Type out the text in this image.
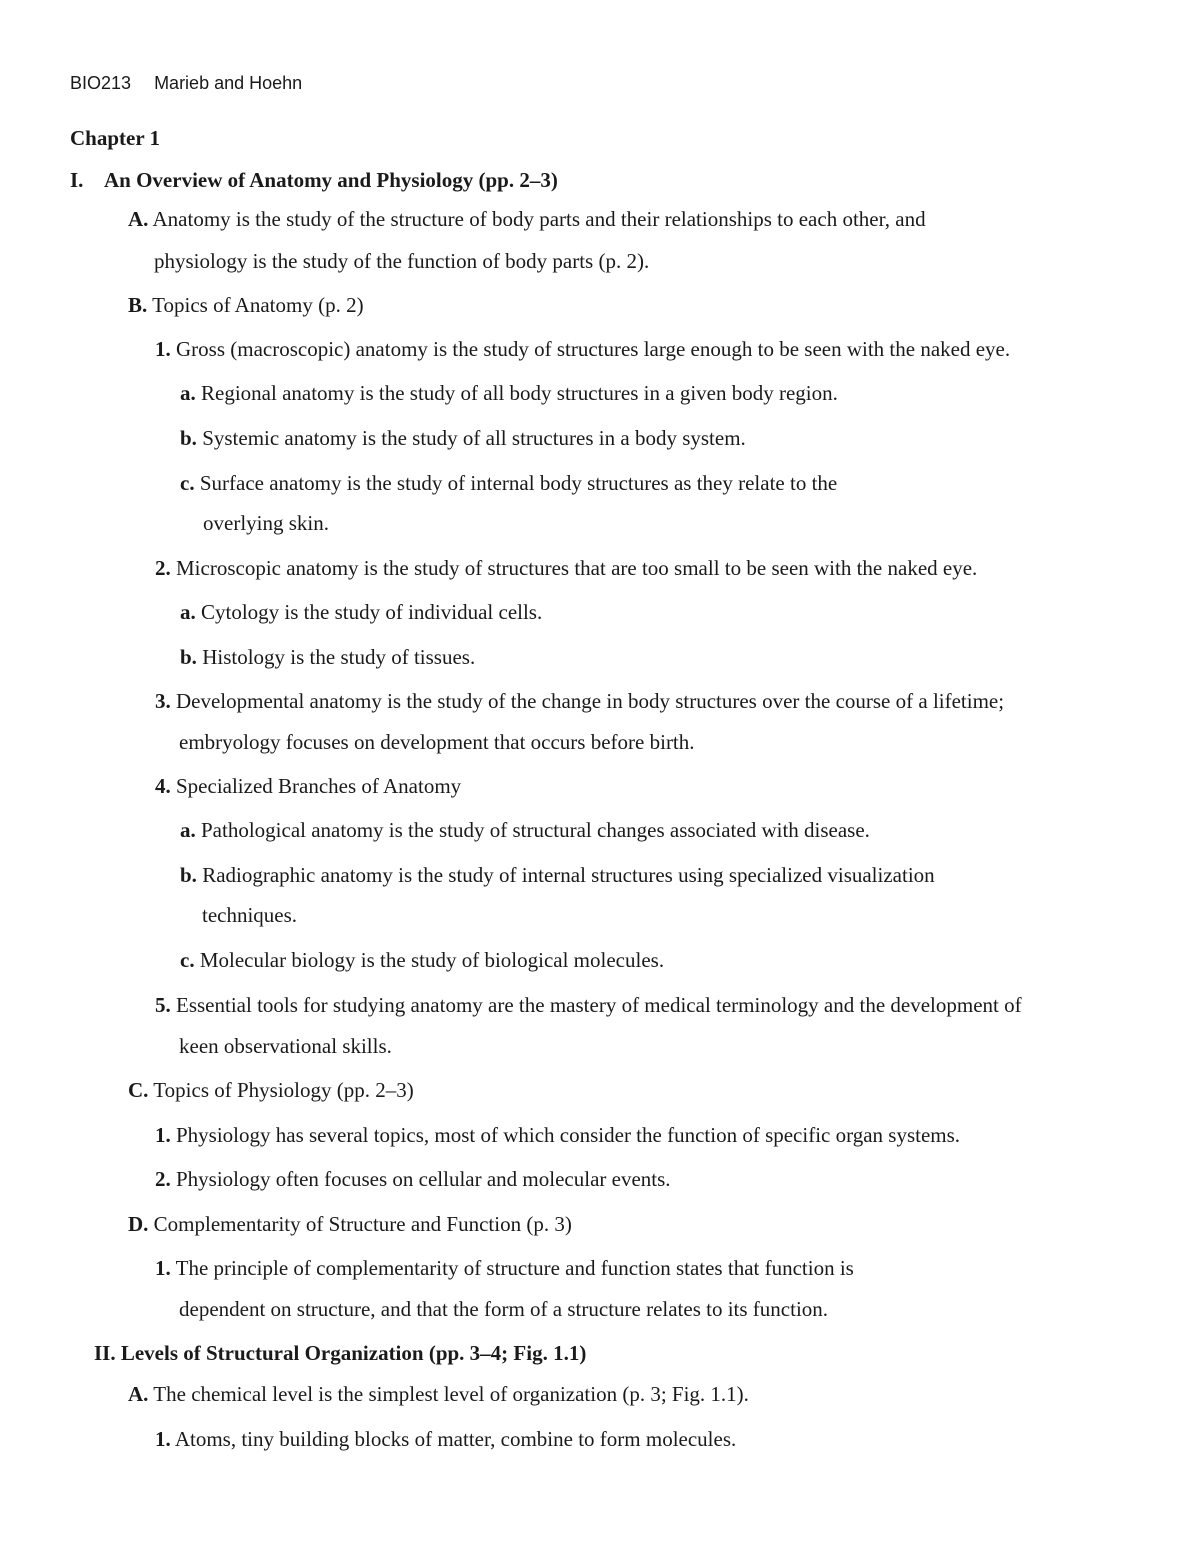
BIO213 Marieb and Hoehn
Chapter 1
I. An Overview of Anatomy and Physiology (pp. 2–3)
A. Anatomy is the study of the structure of body parts and their relationships to each other, and
physiology is the study of the function of body parts (p. 2).
B. Topics of Anatomy (p. 2)
1. Gross (macroscopic) anatomy is the study of structures large enough to be seen with the naked eye.
a. Regional anatomy is the study of all body structures in a given body region.
b. Systemic anatomy is the study of all structures in a body system.
c. Surface anatomy is the study of internal body structures as they relate to the
overlying skin.
2. Microscopic anatomy is the study of structures that are too small to be seen with the naked eye.
a. Cytology is the study of individual cells.
b. Histology is the study of tissues.
3. Developmental anatomy is the study of the change in body structures over the course of a lifetime;
embryology focuses on development that occurs before birth.
4. Specialized Branches of Anatomy
a. Pathological anatomy is the study of structural changes associated with disease.
b. Radiographic anatomy is the study of internal structures using specialized visualization
techniques.
c. Molecular biology is the study of biological molecules.
5. Essential tools for studying anatomy are the mastery of medical terminology and the development of
keen observational skills.
C. Topics of Physiology (pp. 2–3)
1. Physiology has several topics, most of which consider the function of specific organ systems.
2. Physiology often focuses on cellular and molecular events.
D. Complementarity of Structure and Function (p. 3)
1. The principle of complementarity of structure and function states that function is
dependent on structure, and that the form of a structure relates to its function.
II. Levels of Structural Organization (pp. 3–4; Fig. 1.1)
A. The chemical level is the simplest level of organization (p. 3; Fig. 1.1).
1. Atoms, tiny building blocks of matter, combine to form molecules.
